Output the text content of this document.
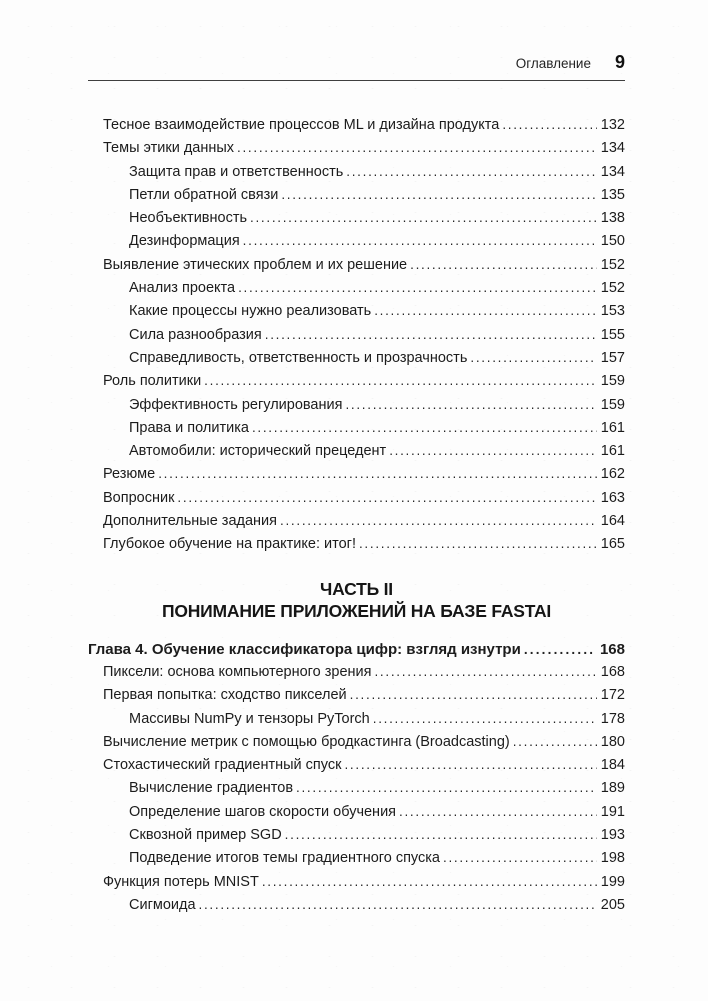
Оглавление 9
Тесное взаимодействие процессов ML и дизайна продукта .....	132
Темы этики данных .....	134
Защита прав и ответственность .....	134
Петли обратной связи .....	135
Необъективность .....	138
Дезинформация .....	150
Выявление этических проблем и их решение .....	152
Анализ проекта .....	152
Какие процессы нужно реализовать .....	153
Сила разнообразия .....	155
Справедливость, ответственность и прозрачность .....	157
Роль политики .....	159
Эффективность регулирования .....	159
Права и политика .....	161
Автомобили: исторический прецедент .....	161
Резюме .....	162
Вопросник .....	163
Дополнительные задания .....	164
Глубокое обучение на практике: итог! .....	165
ЧАСТЬ II
ПОНИМАНИЕ ПРИЛОЖЕНИЙ НА БАЗЕ FASTAI
Глава 4. Обучение классификатора цифр: взгляд изнутри .....	168
Пиксели: основа компьютерного зрения .....	168
Первая попытка: сходство пикселей .....	172
Массивы NumPy и тензоры PyTorch .....	178
Вычисление метрик с помощью бродкастинга (Broadcasting) .....	180
Стохастический градиентный спуск .....	184
Вычисление градиентов .....	189
Определение шагов скорости обучения .....	191
Сквозной пример SGD .....	193
Подведение итогов темы градиентного спуска .....	198
Функция потерь MNIST .....	199
Сигмоида .....	205
